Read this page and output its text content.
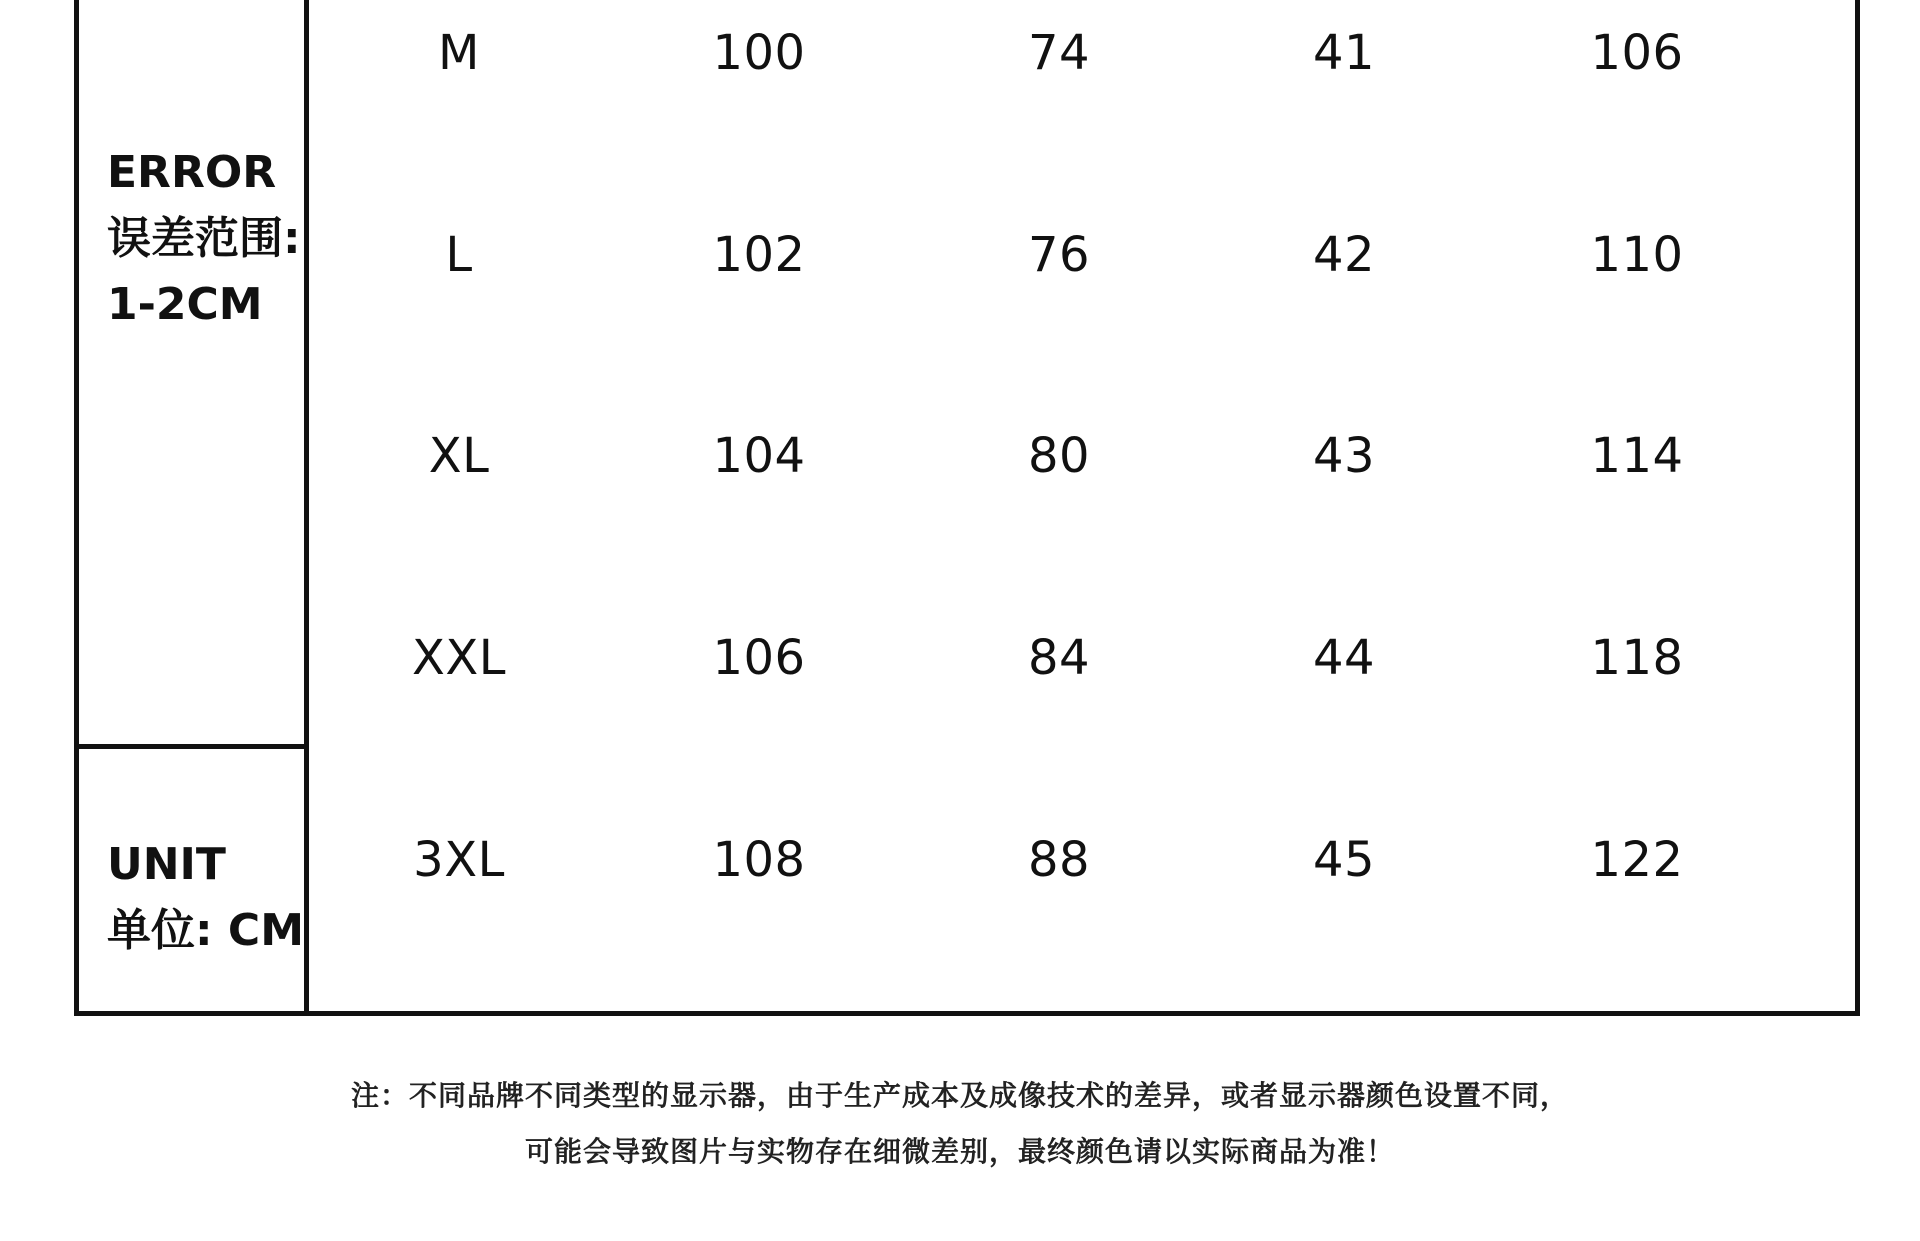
ERROR
误差范围:
1-2CM
UNIT
单位: CM
M	100	74	41	106
L	102	76	42	110
XL	104	80	43	114
XXL	106	84	44	118
3XL	108	88	45	122
注：不同品牌不同类型的显示器，由于生产成本及成像技术的差异，或者显示器颜色设置不同，
可能会导致图片与实物存在细微差别，最终颜色请以实际商品为准！
